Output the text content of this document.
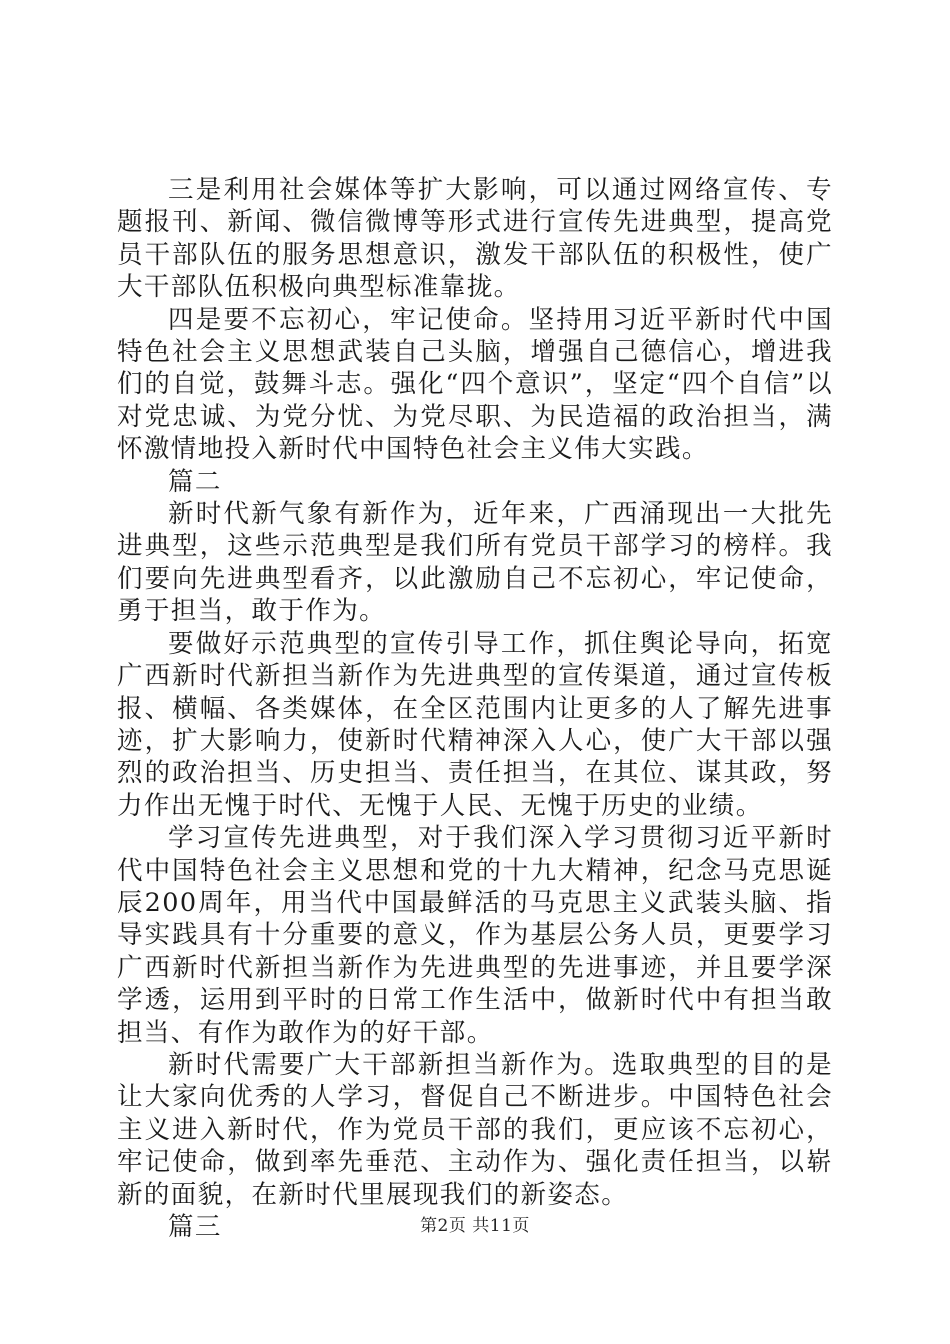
三是利用社会媒体等扩大影响，可以通过网络宣传、专题报刊、新闻、微信微博等形式进行宣传先进典型，提高党员干部队伍的服务思想意识，激发干部队伍的积极性，使广大干部队伍积极向典型标准靠拢。

四是要不忘初心，牢记使命。坚持用习近平新时代中国特色社会主义思想武装自己头脑，增强自己德信心，增进我们的自觉，鼓舞斗志。强化“四个意识”，坚定“四个自信”以对党忠诚、为党分忧、为党尽职、为民造福的政治担当，满怀激情地投入新时代中国特色社会主义伟大实践。

篇二

新时代新气象有新作为，近年来，广西涌现出一大批先进典型，这些示范典型是我们所有党员干部学习的榜样。我们要向先进典型看齐，以此激励自己不忘初心，牢记使命，勇于担当，敢于作为。

要做好示范典型的宣传引导工作，抓住舆论导向，拓宽广西新时代新担当新作为先进典型的宣传渠道，通过宣传板报、横幅、各类媒体，在全区范围内让更多的人了解先进事迹，扩大影响力，使新时代精神深入人心，使广大干部以强烈的政治担当、历史担当、责任担当，在其位、谋其政，努力作出无愧于时代、无愧于人民、无愧于历史的业绩。

学习宣传先进典型，对于我们深入学习贯彻习近平新时代中国特色社会主义思想和党的十九大精神，纪念马克思诞辰200周年，用当代中国最鲜活的马克思主义武装头脑、指导实践具有十分重要的意义，作为基层公务人员，更要学习广西新时代新担当新作为先进典型的先进事迹，并且要学深学透，运用到平时的日常工作生活中，做新时代中有担当敢担当、有作为敢作为的好干部。

新时代需要广大干部新担当新作为。选取典型的目的是让大家向优秀的人学习，督促自己不断进步。中国特色社会主义进入新时代，作为党员干部的我们，更应该不忘初心，牢记使命，做到率先垂范、主动作为、强化责任担当，以崭新的面貌，在新时代里展现我们的新姿态。

篇三	第2页 共11页
